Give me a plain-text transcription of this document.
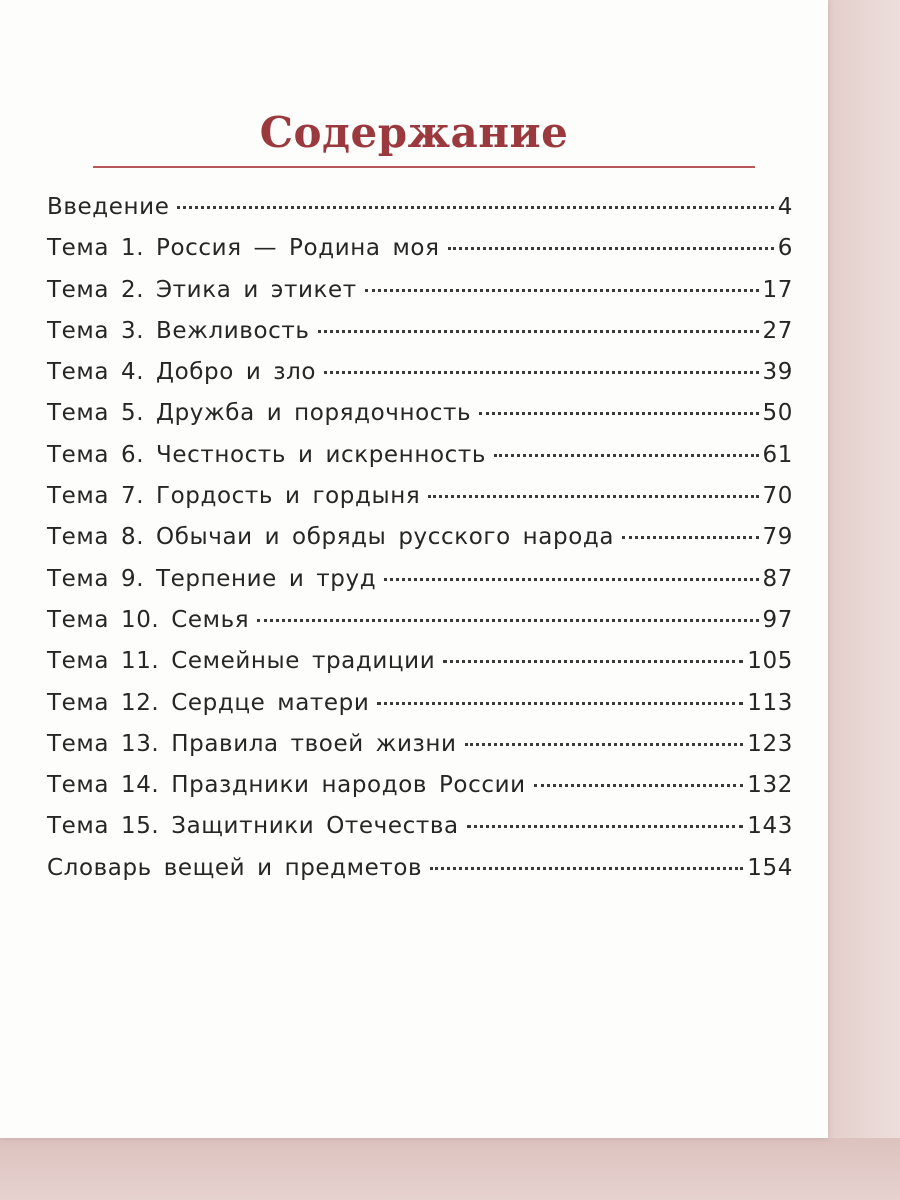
Содержание
Введение	4
Тема 1. Россия — Родина моя	6
Тема 2. Этика и этикет	17
Тема 3. Вежливость	27
Тема 4. Добро и зло	39
Тема 5. Дружба и порядочность	50
Тема 6. Честность и искренность	61
Тема 7. Гордость и гордыня	70
Тема 8. Обычаи и обряды русского народа	79
Тема 9. Терпение и труд	87
Тема 10. Семья	97
Тема 11. Семейные традиции	105
Тема 12. Сердце матери	113
Тема 13. Правила твоей жизни	123
Тема 14. Праздники народов России	132
Тема 15. Защитники Отечества	143
Словарь вещей и предметов	154
